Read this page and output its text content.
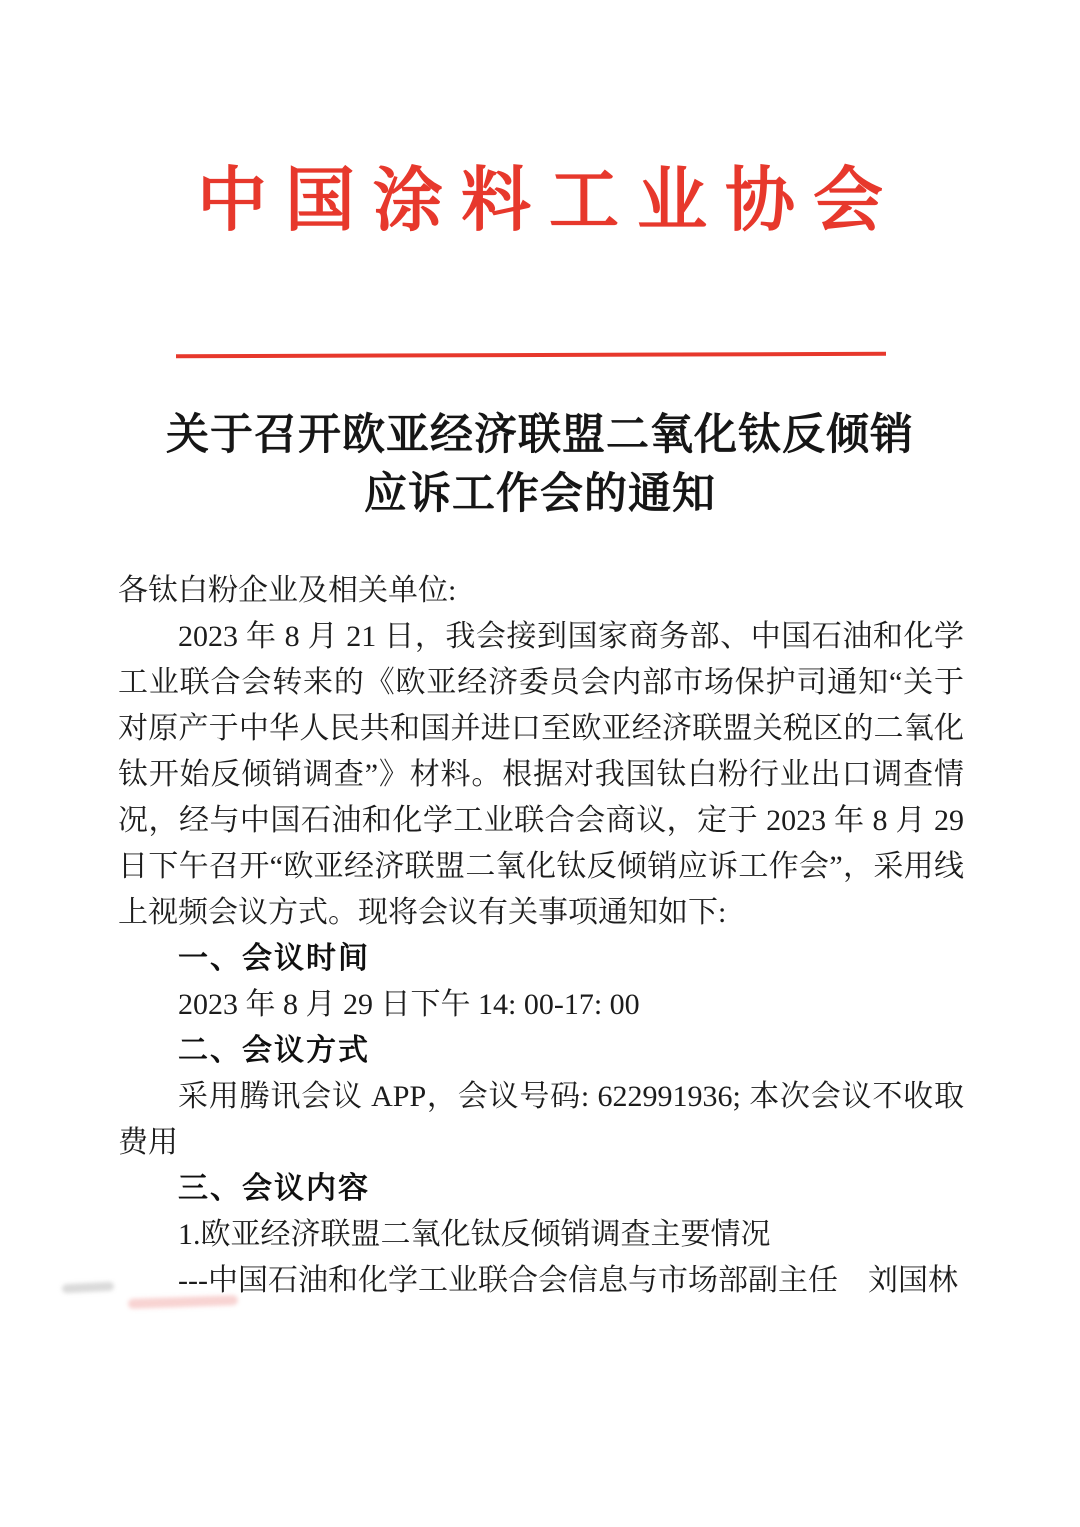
中国涂料工业协会
关于召开欧亚经济联盟二氧化钛反倾销
应诉工作会的通知

各钛白粉企业及相关单位:

2023 年 8 月 21 日，我会接到国家商务部、中国石油和化学工业联合会转来的《欧亚经济委员会内部市场保护司通知“关于对原产于中华人民共和国并进口至欧亚经济联盟关税区的二氧化钛开始反倾销调查”》材料。根据对我国钛白粉行业出口调查情况，经与中国石油和化学工业联合会商议，定于 2023 年 8 月 29 日下午召开“欧亚经济联盟二氧化钛反倾销应诉工作会”，采用线上视频会议方式。现将会议有关事项通知如下:

一、会议时间

2023 年 8 月 29 日下午 14: 00-17: 00

二、会议方式

采用腾讯会议 APP，会议号码: 622991936; 本次会议不收取费用

三、会议内容

1.欧亚经济联盟二氧化钛反倾销调查主要情况

---中国石油和化学工业联合会信息与市场部副主任　刘国林
